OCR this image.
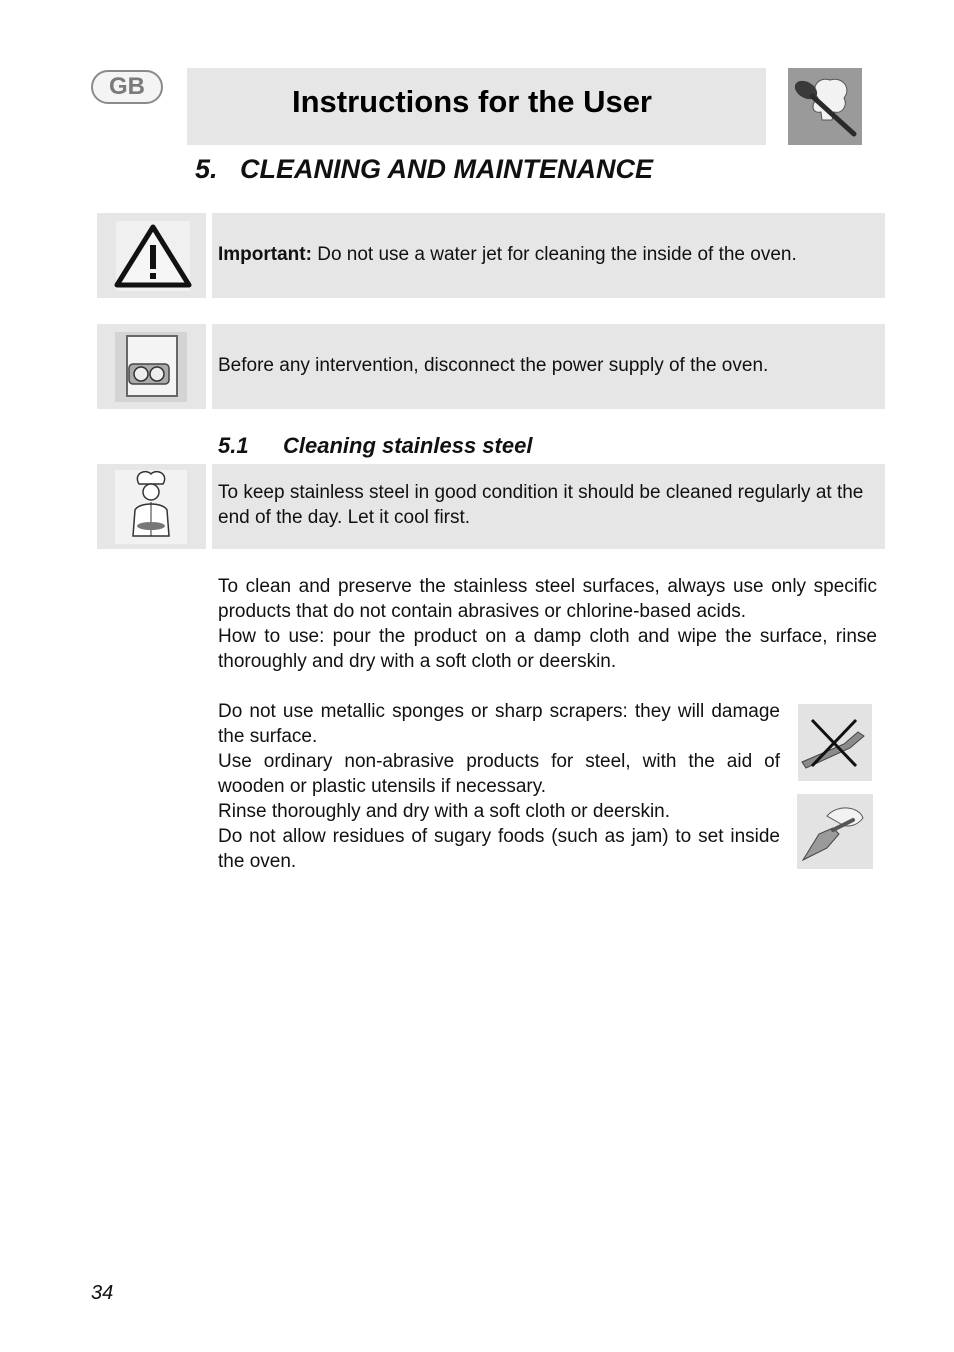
GB	Instructions for the User
5. CLEANING AND MAINTENANCE
Important: Do not use a water jet for cleaning the inside of the oven.
Before any intervention, disconnect the power supply of the oven.
5.1 Cleaning stainless steel
To keep stainless steel in good condition it should be cleaned regularly at the end of the day. Let it cool first.
To clean and preserve the stainless steel surfaces, always use only specific products that do not contain abrasives or chlorine-based acids.
How to use: pour the product on a damp cloth and wipe the surface, rinse thoroughly and dry with a soft cloth or deerskin.
Do not use metallic sponges or sharp scrapers: they will damage the surface.
Use ordinary non-abrasive products for steel, with the aid of wooden or plastic utensils if necessary.
Rinse thoroughly and dry with a soft cloth or deerskin.
Do not allow residues of sugary foods (such as jam) to set inside the oven.
34
